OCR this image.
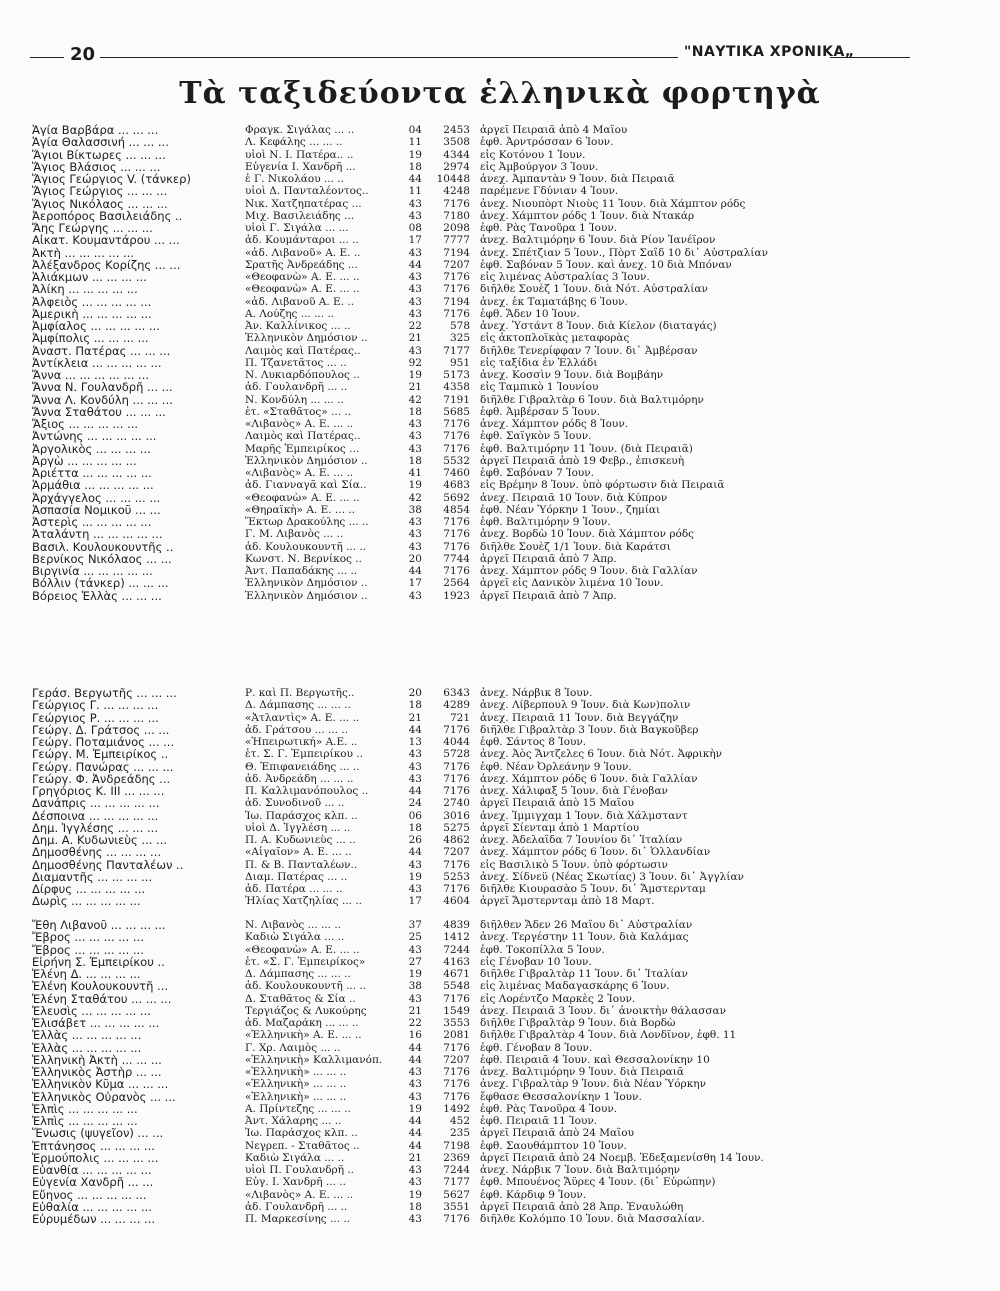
20	"ΝΑΥΤΙΚΑ ΧΡΟΝΙΚΑ„
Τὰ ταξιδεύοντα ἑλληνικὰ φορτηγὰ
Ἁγία Βαρβάρα ... ... ...	Φραγκ. Σιγάλας ... ..	04	2453 ἀργεῖ Πειραιᾶ ἀπὸ 4 Μαΐου
Ἁγία Θαλασσινή ... ... ...	Λ. Κεφάλης ... ... ..	11	3508 ἐφθ. Ἀρντρόσσαν 6 Ἰουν.
Ἅγιοι Βίκτωρες ... ... ...	υἱοὶ Ν. Ι. Πατέρα.. ..	19	4344 εἰς Κοτόνου 1 Ἰουν.
Ἅγιος Βλάσιος ... ... ...	Εὐγενία Ι. Χανδρῆ ...	18	2974 εἰς Ἀμβούργον 3 Ἰουν.
Ἅγιος Γεώργιος V. (τάνκερ)	ἑ Γ. Νικολάου ... ..	44	10448 ἀνεχ. Ἀμπαντὰν 9 Ἰουν. διὰ Πειραιᾶ
Ἅγιος Γεώργιος ... ... ...	υἱοὶ Δ. Πανταλέοντος..	11	4248 παρέμενε Γδύνιαν 4 Ἰουν.
Ἅγιος Νικόλαος ... ... ...	Νικ. Χατζηπατέρας ...	43	7176 ἀνεχ. Νιουπὸρτ Νιοὺς 11 Ἰουν. διὰ Χάμπτον ρόδς
Ἀεροπόρος Βασιλειάδης ..	Μιχ. Βασιλειάδης ...	43	7180 ἀνεχ. Χάμπτον ρόδς 1 Ἰουν. διὰ Ντακάρ
Ἄης Γεώργης ... ... ...	υἱοὶ Γ. Σιγάλα ... ...	08	2098 ἐφθ. Ρὰς Τανοῦρα 1 Ἰουν.
Αἰκατ. Κουμαντάρου ... ...	ἀδ. Κουμάνταροι ... ..	17	7777 ἀνεχ. Βαλτιμόρην 6 Ἰουν. διὰ Ρίον Ἰανέϊρον
Ἀκτὴ ... ... ... ... ...	«ἀδ. Λιβανοῦ» Α. Ε. ..	43	7194 ἀνεχ. Σπέτζιαν 5 Ἰουν., Πὸρτ Σαΐδ 10 δι᾽ Αὐστραλίαν
Ἀλέξανδρος Κορίζης ... ...	Σρατῆς Ἀνδρεάδης ...	44	7207 ἐφθ. Σαβόναν 5 Ἰουν. καὶ ἀνεχ. 10 διὰ Μπόναν
Ἁλιάκμων ... ... ... ...	«Θεοφανὼ» Α. Ε. ... ..	43	7176 εἰς λιμένας Αὐστραλίας 3 Ἰουν.
Ἀλίκη ... ... ... ... ...	«Θεοφανὼ» Α. Ε. ... ..	43	7176 διῆλθε Σουὲζ 1 Ἰουν. διὰ Νότ. Αὐστραλίαν
Ἀλφειὸς ... ... ... ... ...	«ἀδ. Λιβανοῦ Α. Ε. ..	43	7194 ἀνεχ. ἐκ Ταματάβης 6 Ἰουν.
Ἀμερικὴ ... ... ... ... ...	Α. Λούζης ... ... ..	43	7176 ἐφθ. Ἄδεν 10 Ἰουν.
Ἀμφίαλος ... ... ... ... ...	Ἀν. Καλλίνικος ... ..	22	578 ἀνεχ. Ὑστάντ 8 Ἰουν. διὰ Κίελον (διαταγάς)
Ἀμφίπολις ... ... ... ...	Ἑλληνικὸν Δημόσιον ..	21	325 εἰς ἀκτοπλοϊκὰς μεταφορὰς
Ἀναστ. Πατέρας ... ... ...	Λαιμὸς καὶ Πατέρας..	43	7177 διῆλθε Τενερίφφαν 7 Ἰουν. δι᾽ Ἀμβέρσαν
Ἀντίκλεια ... ... ... ... ...	Π. Τζανετᾶτος ... ..	92	951 εἰς ταξίδια ἐν Ἑλλάδι
Ἄννα ... ... ... ... ... ...	Ν. Λυκιαρδόπουλος ..	19	5173 ἀνεχ. Κοσσὶν 9 Ἰουν. διὰ Βομβάην
Ἄννα Ν. Γουλανδρῆ ... ...	ἀδ. Γουλανδρῆ ... ..	21	4358 εἰς Ταμπικὸ 1 Ἰουνίου
Ἄννα Λ. Κονδύλη ... ... ...	Ν. Κονδύλη ... ... ..	42	7191 διῆλθε Γιβραλτὰρ 6 Ἰουν. διὰ Βαλτιμόρην
Ἄννα Σταθάτου ... ... ...	ἑτ. «Σταθᾶτος» ... ..	18	5685 ἐφθ. Ἀμβέρσαν 5 Ἰουν.
Ἄξιος ... ... ... ... ...	«Λιβανὸς» Α. Ε. ... ..	43	7176 ἀνεχ. Χάμπτον ρόδς 8 Ἰουν.
Ἀντώνης ... ... ... ... ...	Λαιμὸς καὶ Πατέρας..	43	7176 ἐφθ. Σαϊγκὸν 5 Ἰουν.
Ἀργολικὸς ... ... ... ...	Μαρῆς Ἐμπειρίκος ...	43	7176 ἐφθ. Βαλτιμόρην 11 Ἰουν. (διὰ Πειραιᾶ)
Ἀργὼ ... ... ... ... ...	Ἑλληνικὸν Δημόσιον ..	18	5532 ἀργεῖ Πειραιᾶ ἀπὸ 19 Φεβρ., ἐπισκευὴ
Ἀριέττα ... ... ... ... ...	«Λιβανὸς» Α. Ε. ... ..	41	7460 ἐφθ. Σαβόναν 7 Ἰουν.
Ἁρμάθια ... ... ... ... ...	ἀδ. Γιανναγᾶ καὶ Σία..	19	4683 εἰς Βρέμην 8 Ἰουν. ὑπὸ φόρτωσιν διὰ Πειραιᾶ
Ἀρχάγγελος ... ... ... ...	«Θεοφανὼ» Α. Ε. ... ..	42	5692 ἀνεχ. Πειραιᾶ 10 Ἰουν. διὰ Κύπρον
Ἀσπασία Νομικοῦ ... ...	«Θηραϊκὴ» Α. Ε. ... ..	38	4854 ἐφθ. Νέαν Ὑόρκην 1 Ἰουν., ζημίαι
Ἀστερὶς ... ... ... ... ...	Ἕκτωρ Δρακούλης ... ..	43	7176 ἐφθ. Βαλτιμόρην 9 Ἰουν.
Ἀταλάντη ... ... ... ... ...	Γ. Μ. Λιβανὸς ... ..	43	7176 ἀνεχ. Βορδὼ 10 Ἰουν. διὰ Χάμπτον ρόδς
Βασιλ. Κουλουκουντῆς ..	ἀδ. Κουλουκουντῆ ... ..	43	7176 διῆλθε Σουὲζ 1/1 Ἰουν. διὰ Καράτσι
Βερνίκος Νικόλαος ... ...	Κωνστ. Ν. Βερνίκος ..	20	7744 ἀργεῖ Πειραιᾶ ἀπὸ 7 Ἀπρ.
Βιργινία ... ... ... ... ...	Ἀντ. Παπαδάκης ... ..	44	7176 ἀνεχ. Χάμπτον ρόδς 9 Ἰουν. διὰ Γαλλίαν
Βόλλιν (τάνκερ) ... ... ...	Ἑλληνικὸν Δημόσιον ..	17	2564 ἀργεῖ εἰς Δανικὸν λιμένα 10 Ἰουν.
Βόρειος Ἑλλὰς ... ... ...	Ἑλληνικὸν Δημόσιον ..	43	1923 ἀργεῖ Πειραιᾶ ἀπὸ 7 Ἀπρ.
Γεράσ. Βεργωτῆς ... ... ...	Ρ. καὶ Π. Βεργωτῆς..	20	6343 ἀνεχ. Νάρβικ 8 Ἰουν.
Γεώργιος Γ. ... ... ... ...	Δ. Δάμπασης ... ... ..	18	4289 ἀνεχ. Λίβερπουλ 9 Ἰουν. διὰ Κων)πολιν
Γεώργιος Ρ. ... ... ... ...	«Ἀτλαντὶς» Α. Ε. ... ..	21	721 ἀνεχ. Πειραιᾶ 11 Ἰουν. διὰ Βεγγάζην
Γεώργ. Δ. Γράτσος ... ...	ἀδ. Γράτσου ... ... ..	44	7176 διῆλθε Γιβραλτὰρ 3 Ἰουν. διὰ Βαγκοῦβερ
Γεώργ. Ποταμιάνος ... ...	«Ἡπειρωτική» Α.Ε. ..	13	4044 ἐφθ. Σάντος 8 Ἰουν.
Γεώργ. Μ. Ἐμπειρίκος ..	ἑτ. Σ. Γ. Ἐμπειρίκου ..	43	5728 ἀνεχ. Ἀὸς Ἄντζελες 6 Ἰουν. διὰ Νότ. Ἀφρικὴν
Γεώργ. Πανώρας ... ... ...	Θ. Ἐπιφανειάδης ... ..	43	7176 ἐφθ. Νέαν Ὀρλεάνην 9 Ἰουν.
Γεώργ. Φ. Ἀνδρεάδης ...	ἀδ. Ἀνδρεάδη ... ... ..	43	7176 ἀνεχ. Χάμπτον ρόδς 6 Ἰουν. διὰ Γαλλίαν
Γρηγόριος Κ. ΙΙΙ ... ... ...	Π. Καλλιμανόπουλος ..	44	7176 ἀνεχ. Χάλιφαξ 5 Ἰουν. διὰ Γένοβαν
Δανάπρις ... ... ... ... ...	ἀδ. Συνοδινοῦ ... ..	24	2740 ἀργεῖ Πειραιᾶ ἀπὸ 15 Μαΐου
Δέσποινα ... ... ... ... ...	Ἰω. Παράσχος κλπ. ..	06	3016 ἀνεχ. Ἰμμιγχαμ 1 Ἰουν. διὰ Χάλμσταντ
Δημ. Ἰγγλέσης ... ... ...	υἱοὶ Δ. Ἰγγλέση ... ..	18	5275 ἀργεῖ Σίενταμ ἀπὸ 1 Μαρτίου
Δημ. Α. Κυδωνιεὺς ... ...	Π. Α. Κυδωνιεὺς ... ..	26	4862 ἀνεχ. Ἀδελαΐδα 7 Ἰουνίου δι᾽ Ἰταλίαν
Δημοσθένης ... ... ... ...	«Αἰγαῖον» Α. Ε. ... ..	44	7207 ἀνεχ. Χάμπτον ρόδς 6 Ἰουν. δι᾽ Ὁλλανδίαν
Δημοσθένης Πανταλέων ..	Π. & Β. Πανταλέων..	43	7176 εἰς Βασιλικὸ 5 Ἰουν. ὑπὸ φόρτωσιν
Διαμαντῆς ... ... ... ...	Διαμ. Πατέρας ... ..	19	5253 ἀνεχ. Σίδνεϋ (Νέας Σκωτίας) 3 Ἰουν. δι᾽ Ἀγγλίαν
Δίρφυς ... ... ... ... ...	ἀδ. Πατέρα ... ... ..	43	7176 διῆλθε Κιουρασὰο 5 Ἰουν. δι᾽ Ἄμστερνταμ
Δωρὶς ... ... ... ... ...	Ἠλίας Χατζηλίας ... ..	17	4604 ἀργεῖ Ἄμστερνταμ ἀπὸ 18 Μαρτ.
Ἔθη Λιβανοῦ ... ... ... ...	Ν. Λιβανὸς ... ... ..	37	4839 διῆλθεν Ἄδεν 26 Μαΐου δι᾽ Αὐστραλίαν
Ἔβρος ... ... ... ... ...	Καδιὼ Σιγάλα ... ..	25	1412 ἀνεχ. Τεργέστην 11 Ἰουν. διὰ Καλάμας
Ἔβρος ... ... ... ... ...	«Θεοφανὼ» Α. Ε. ... ..	43	7244 ἐφθ. Τοκοπίλλα 5 Ἰουν.
Εἰρήνη Σ. Ἐμπειρίκου ..	ἑτ. «Σ. Γ. Ἐμπειρίκος»	27	4163 εἰς Γένοβαν 10 Ἰουν.
Ἑλένη Δ. ... ... ... ...	Δ. Δάμπασης ... ... ..	19	4671 διῆλθε Γιβραλτὰρ 11 Ἰουν. δι᾽ Ἰταλίαν
Ἑλένη Κουλουκουντῆ ...	ἀδ. Κουλουκουντῆ ... ..	38	5548 εἰς λιμένας Μαδαγασκάρης 6 Ἰουν.
Ἑλένη Σταθάτου ... ... ...	Δ. Σταθᾶτος & Σία ..	43	7176 εἰς Λορέντζο Μαρκὲς 2 Ἰουν.
Ἐλευσὶς ... ... ... ... ...	Τεργιάζος & Λυκούρης	21	1549 ἀνεχ. Πειραιᾶ 3 Ἰουν. δι᾽ ἀνοικτὴν θάλασσαν
Ἐλισάβετ ... ... ... ... ...	ἀδ. Μαζαράκη ... ... ..	22	3553 διῆλθε Γιβραλτὰρ 9 Ἰουν. διὰ Βορδὼ
Ἑλλὰς ... ... ... ... ...	«Ἑλληνικὴ» Α. Ε. ... ..	16	2081 διῆλθε Γιβραλτὰρ 4 Ἰουν. διὰ Λονδῖνον, ἐφθ. 11
Ἑλλὰς ... ... ... ... ...	Γ. Χρ. Λαιμὸς ... ..	44	7176 ἐφθ. Γένοβαν 8 Ἰουν.
Ἑλληνικὴ Ἀκτὴ ... ... ...	«Ἑλληνικὴ» Καλλιμανόπ.	44	7207 ἐφθ. Πειραιᾶ 4 Ἰουν. καὶ Θεσσαλονίκην 10
Ἑλληνικὸς Ἀστὴρ ... ...	«Ἑλληνικὴ» ... ... ..	43	7176 ἀνεχ. Βαλτιμόρην 9 Ἰουν. διὰ Πειραιᾶ
Ἑλληνικὸν Κῦμα ... ... ...	«Ἑλληνικὴ» ... ... ..	43	7176 ἀνεχ. Γιβραλτὰρ 9 Ἰουν. διὰ Νέαν Ὑόρκην
Ἑλληνικὸς Οὐρανὸς ... ...	«Ἑλληνικὴ» ... ... ..	43	7176 ἔφθασε Θεσσαλονίκην 1 Ἰουν.
Ἐλπὶς ... ... ... ... ...	Α. Πρίντεζης ... ... ..	19	1492 ἐφθ. Ρὰς Τανοῦρα 4 Ἰουν.
Ἐλπὶς ... ... ... ... ...	Ἀντ. Χάλαρης ... ..	44	452 ἐφθ. Πειραιᾶ 11 Ἰουν.
Ἕνωσις (ψυγεῖον) ... ...	Ἰω. Παράσχος κλπ. ..	44	235 ἀργεῖ Πειραιᾶ ἀπὸ 24 Μαΐου
Ἐπτάνησος ... ... ... ...	Νεγρεπ. - Σταθᾶτος ..	44	7198 ἐφθ. Σαουθάμπτον 10 Ἰουν.
Ἑρμούπολις ... ... ... ...	Καδιὼ Σιγάλα ... ..	21	2369 ἀργεῖ Πειραιᾶ ἀπὸ 24 Νοεμβ. Ἐδεξαμενίσθη 14 Ἰουν.
Εὐανθία ... ... ... ... ...	υἱοὶ Π. Γουλανδρῆ ..	43	7244 ἀνεχ. Νάρβικ 7 Ἰουν. διὰ Βαλτιμόρην
Εὐγενία Χανδρῆ ... ...	Εὐγ. Ι. Χανδρῆ ... ..	43	7177 ἐφθ. Μπουένος Ἄϋρες 4 Ἰουν. (δι᾽ Εὐρώπην)
Εὔηνος ... ... ... ... ...	«Λιβανὸς» Α. Ε. ... ..	19	5627 ἐφθ. Κάρδιφ 9 Ἰουν.
Εὐθαλία ... ... ... ... ...	ἀδ. Γουλανδρῆ ... ..	18	3551 ἀργεῖ Πειραιᾶ ἀπὸ 28 Ἀπρ. Ἐναυλώθη
Εὐρυμέδων ... ... ... ...	Π. Μαρκεσίνης ... ..	43	7176 διῆλθε Κολόμπο 10 Ἰουν. διὰ Μασσαλίαν.
